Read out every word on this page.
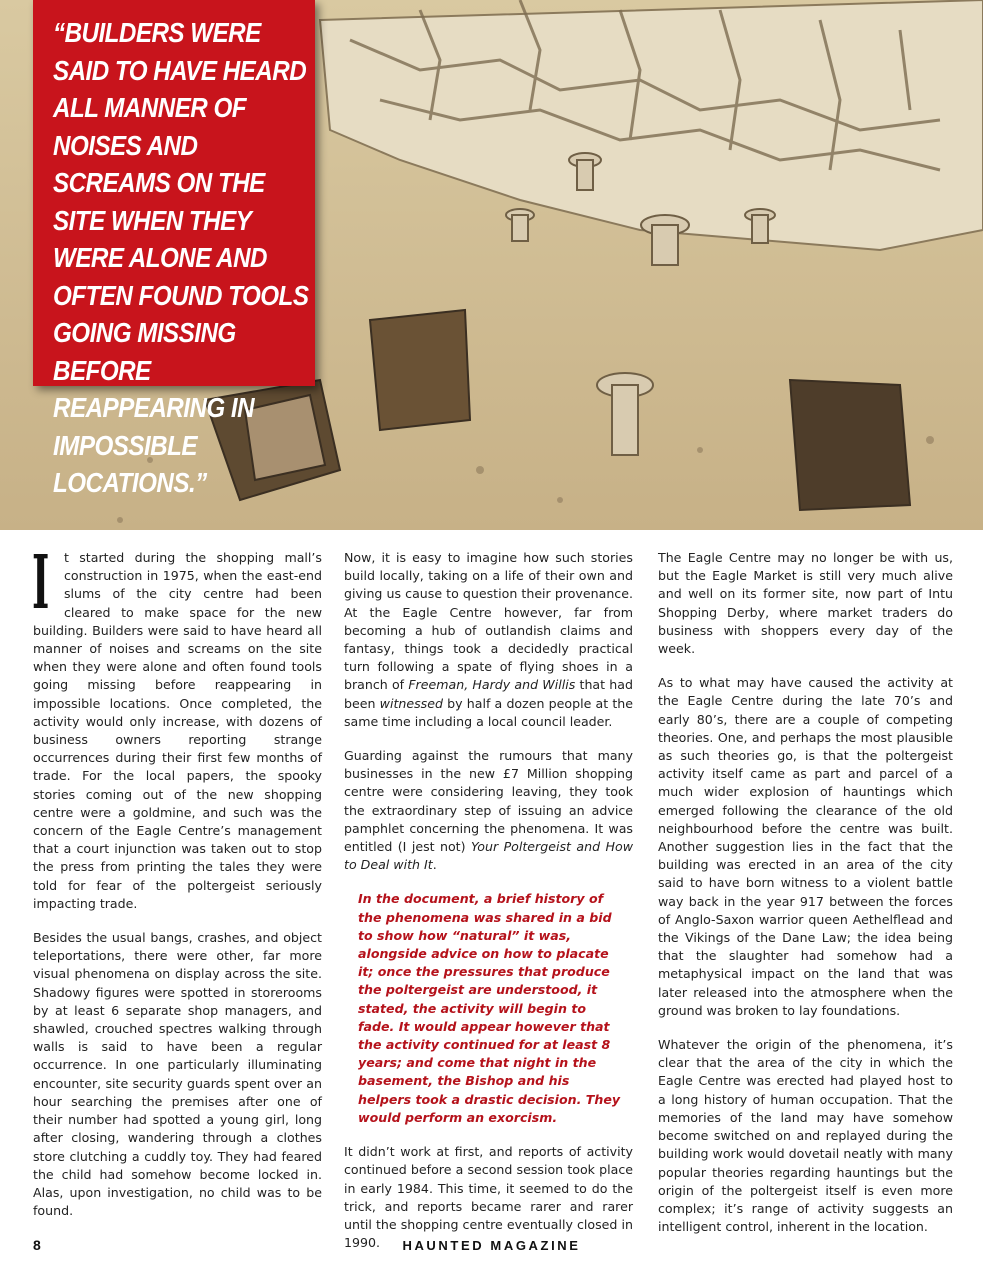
“BUILDERS WERE SAID TO HAVE HEARD ALL MANNER OF NOISES AND SCREAMS ON THE SITE WHEN THEY WERE ALONE AND OFTEN FOUND TOOLS GOING MISSING BEFORE REAPPEARING IN IMPOSSIBLE LOCATIONS.”

I t started during the shopping mall’s construction in 1975, when the east-end slums of the city centre had been cleared to make space for the new building. Builders were said to have heard all manner of noises and screams on the site when they were alone and often found tools going missing before reappearing in impossible locations. Once completed, the activity would only increase, with dozens of business owners reporting strange occurrences during their first few months of trade. For the local papers, the spooky stories coming out of the new shopping centre were a goldmine, and such was the concern of the Eagle Centre’s management that a court injunction was taken out to stop the press from printing the tales they were told for fear of the poltergeist seriously impacting trade.

Besides the usual bangs, crashes, and object teleportations, there were other, far more visual phenomena on display across the site. Shadowy figures were spotted in storerooms by at least 6 separate shop managers, and shawled, crouched spectres walking through walls is said to have been a regular occurrence. In one particularly illuminating encounter, site security guards spent over an hour searching the premises after one of their number had spotted a young girl, long after closing, wandering through a clothes store clutching a cuddly toy. They had feared the child had somehow become locked in. Alas, upon investigation, no child was to be found.

Now, it is easy to imagine how such stories build locally, taking on a life of their own and giving us cause to question their provenance. At the Eagle Centre however, far from becoming a hub of outlandish claims and fantasy, things took a decidedly practical turn following a spate of flying shoes in a branch of Freeman, Hardy and Willis that had been witnessed by half a dozen people at the same time including a local council leader.

Guarding against the rumours that many businesses in the new £7 Million shopping centre were considering leaving, they took the extraordinary step of issuing an advice pamphlet concerning the phenomena. It was entitled (I jest not) Your Poltergeist and How to Deal with It.

In the document, a brief history of the phenomena was shared in a bid to show how “natural” it was, alongside advice on how to placate it; once the pressures that produce the poltergeist are understood, it stated, the activity will begin to fade. It would appear however that the activity continued for at least 8 years; and come that night in the basement, the Bishop and his helpers took a drastic decision. They would perform an exorcism.

It didn’t work at first, and reports of activity continued before a second session took place in early 1984. This time, it seemed to do the trick, and reports became rarer and rarer until the shopping centre eventually closed in 1990.

The Eagle Centre may no longer be with us, but the Eagle Market is still very much alive and well on its former site, now part of Intu Shopping Derby, where market traders do business with shoppers every day of the week.

As to what may have caused the activity at the Eagle Centre during the late 70’s and early 80’s, there are a couple of competing theories. One, and perhaps the most plausible as such theories go, is that the poltergeist activity itself came as part and parcel of a much wider explosion of hauntings which emerged following the clearance of the old neighbourhood before the centre was built. Another suggestion lies in the fact that the building was erected in an area of the city said to have born witness to a violent battle way back in the year 917 between the forces of Anglo-Saxon warrior queen Aethelflead and the Vikings of the Dane Law; the idea being that the slaughter had somehow had a metaphysical impact on the land that was later released into the atmosphere when the ground was broken to lay foundations.

Whatever the origin of the phenomena, it’s clear that the area of the city in which the Eagle Centre was erected had played host to a long history of human occupation. That the memories of the land may have somehow become switched on and replayed during the building work would dovetail neatly with many popular theories regarding hauntings but the origin of the poltergeist itself is even more complex; it’s range of activity suggests an intelligent control, inherent in the location.

8	HAUNTED MAGAZINE
